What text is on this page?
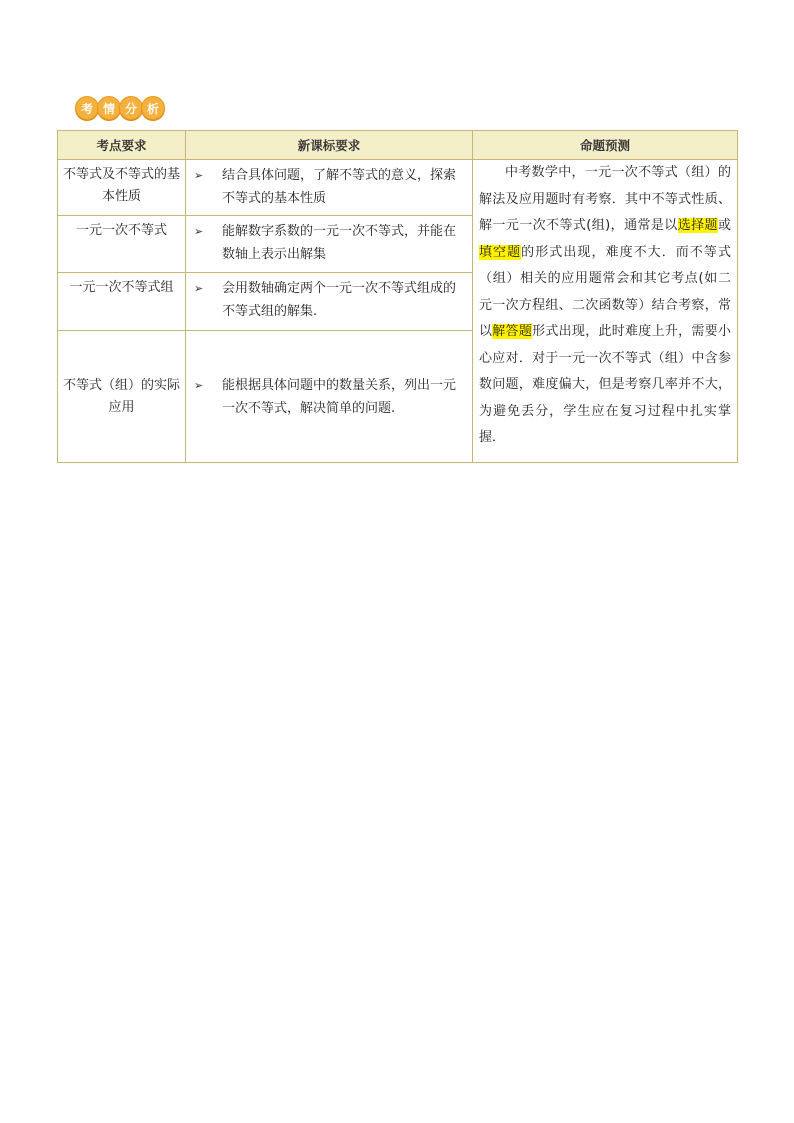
考 情 分 析
考点要求	新课标要求	命题预测
不等式及不等式的基本性质	➢ 结合具体问题，了解不等式的意义，探索不等式的基本性质	中考数学中，一元一次不等式（组）的解法及应用题时有考察．其中不等式性质、解一元一次不等式(组)，通常是以选择题或填空题的形式出现，难度不大．而不等式（组）相关的应用题常会和其它考点(如二元一次方程组、二次函数等）结合考察，常以解答题形式出现，此时难度上升，需要小心应对．对于一元一次不等式（组）中含参数问题，难度偏大，但是考察几率并不大，为避免丢分，学生应在复习过程中扎实掌握．

一元一次不等式	➢ 能解数字系数的一元一次不等式，并能在数轴上表示出解集	

一元一次不等式组	➢ 会用数轴确定两个一元一次不等式组成的不等式组的解集.	

不等式（组）的实际应用	➢ 能根据具体问题中的数量关系，列出一元一次不等式，解决简单的问题.	
